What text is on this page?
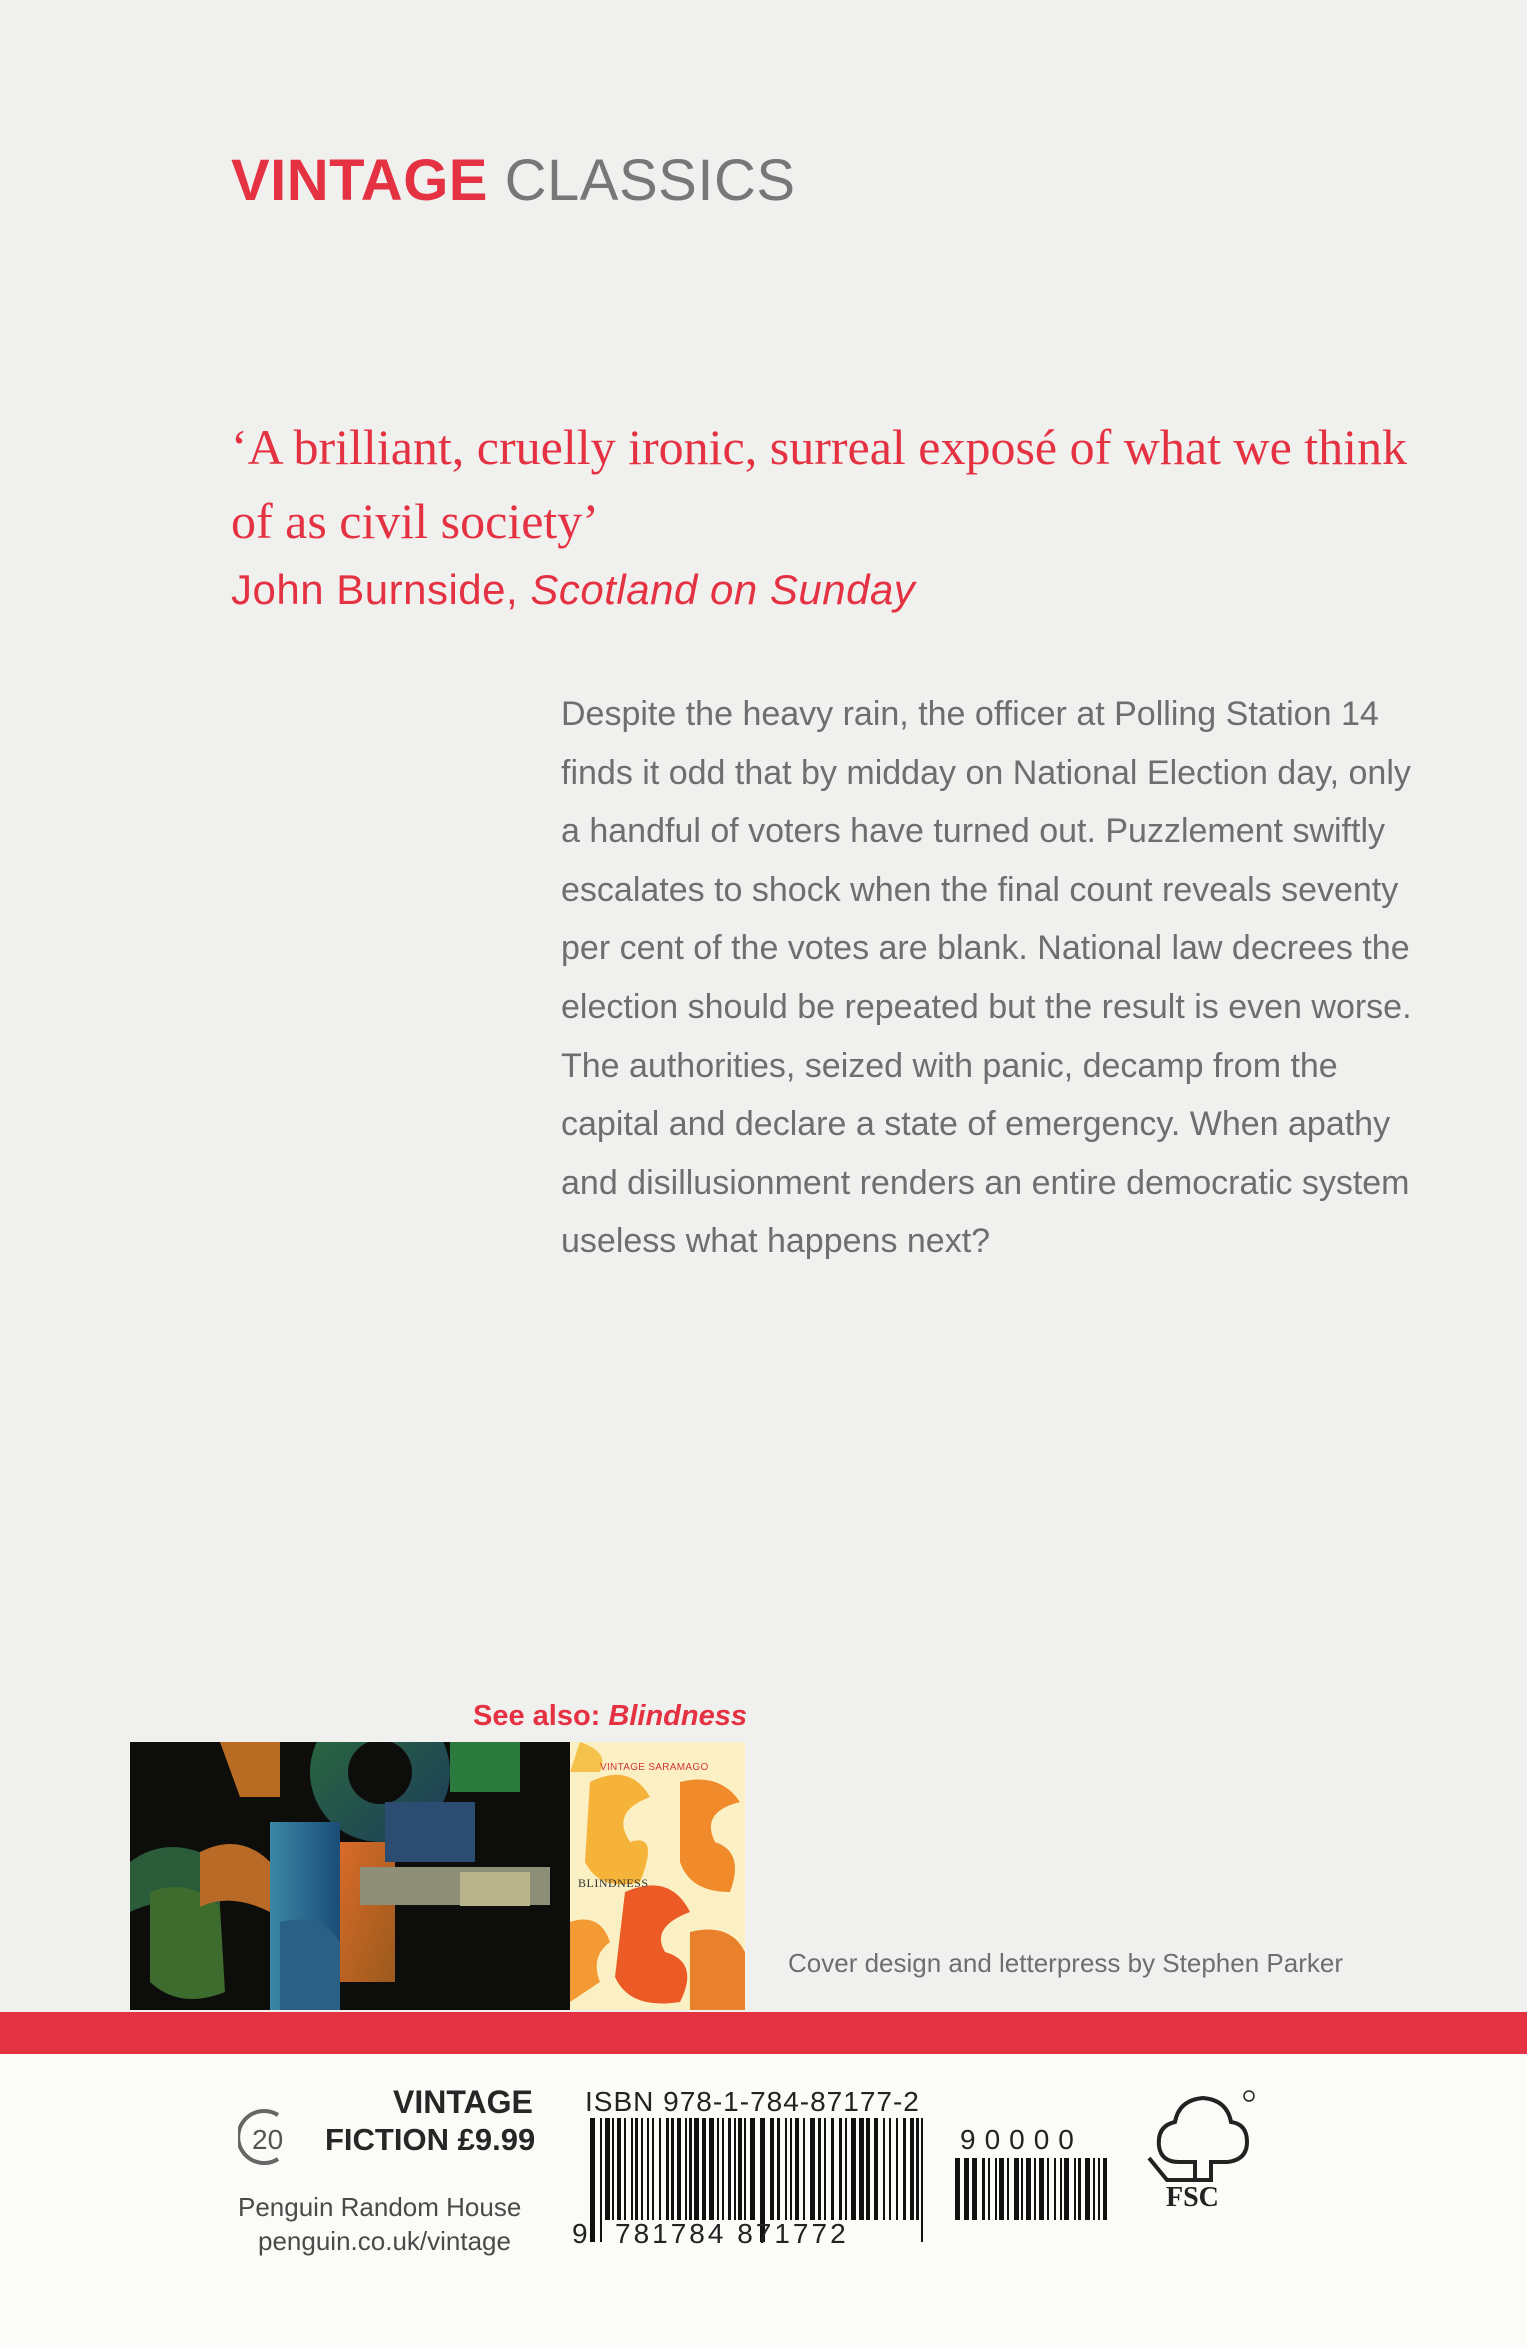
VINTAGE CLASSICS
‘A brilliant, cruelly ironic, surreal exposé of what we think of as civil society’
John Burnside, Scotland on Sunday
Despite the heavy rain, the officer at Polling Station 14 finds it odd that by midday on National Election day, only a handful of voters have turned out. Puzzlement swiftly escalates to shock when the final count reveals seventy per cent of the votes are blank. National law decrees the election should be repeated but the result is even worse. The authorities, seized with panic, decamp from the capital and declare a state of emergency. When apathy and disillusionment renders an entire democratic system useless what happens next?
See also: Blindness
VINTAGE SARAMAGO
BLINDNESS
Cover design and letterpress by Stephen Parker
20
VINTAGE
FICTION £9.99
Penguin Random House
penguin.co.uk/vintage
ISBN 978-1-784-87177-2
9 781784 871772
90000
FSC
